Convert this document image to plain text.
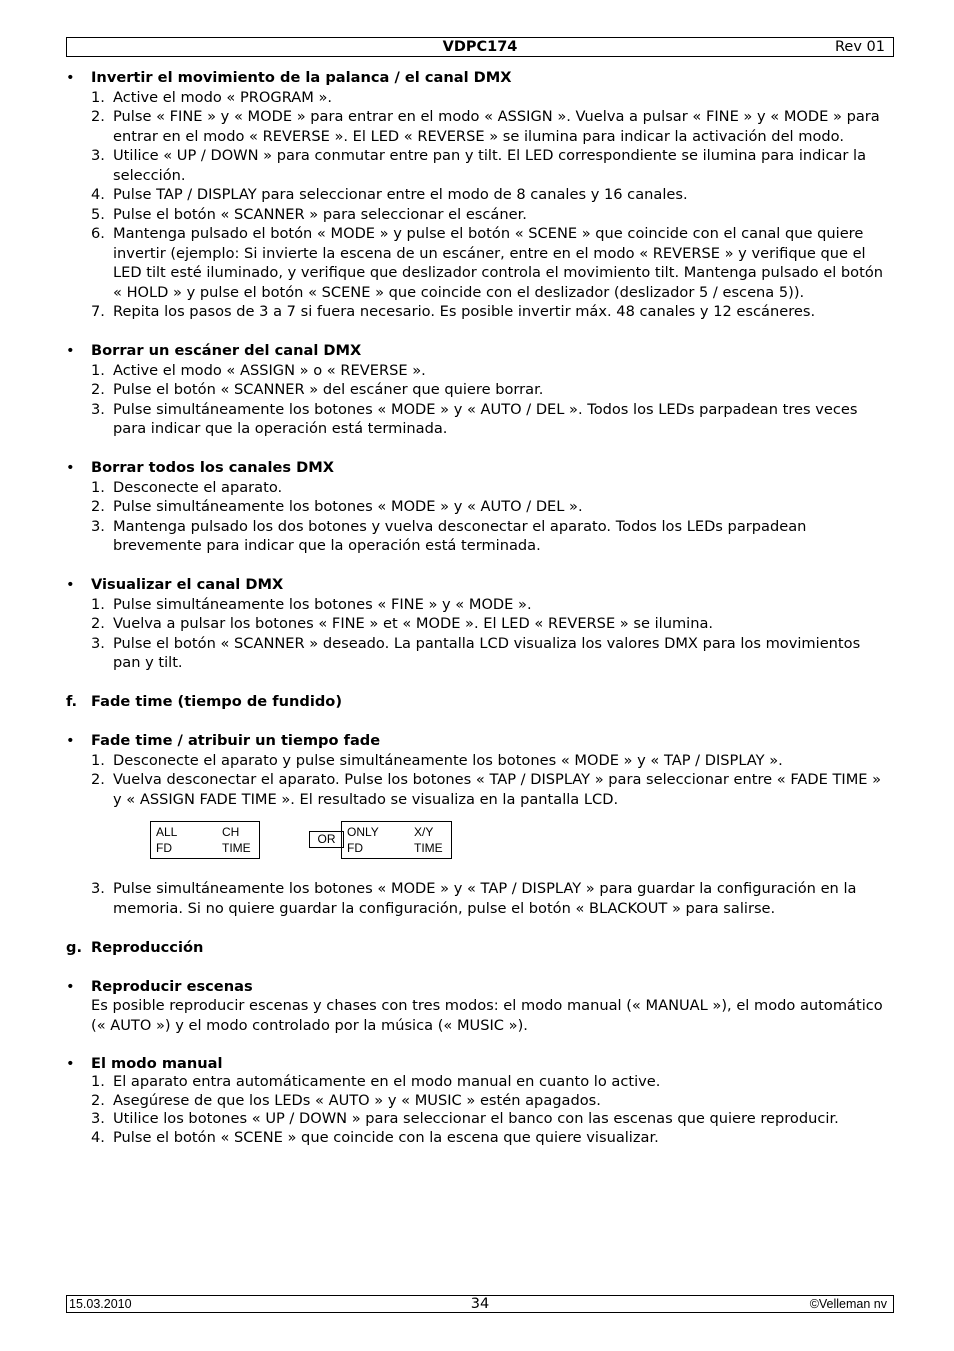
VDPC174	Rev 01
•	Invertir el movimiento de la palanca / el canal DMX
1. Active el modo « PROGRAM ».
2. Pulse « FINE » y « MODE » para entrar en el modo « ASSIGN ». Vuelva a pulsar « FINE » y « MODE » para entrar en el modo « REVERSE ». El LED « REVERSE » se ilumina para indicar la activación del modo.
3. Utilice « UP / DOWN » para conmutar entre pan y tilt. El LED correspondiente se ilumina para indicar la selección.
4. Pulse TAP / DISPLAY para seleccionar entre el modo de 8 canales y 16 canales.
5. Pulse el botón « SCANNER » para seleccionar el escáner.
6. Mantenga pulsado el botón « MODE » y pulse el botón « SCENE » que coincide con el canal que quiere invertir (ejemplo: Si invierte la escena de un escáner, entre en el modo « REVERSE » y verifique que el LED tilt esté iluminado, y verifique que deslizador controla el movimiento tilt. Mantenga pulsado el botón « HOLD » y pulse el botón « SCENE » que coincide con el deslizador (deslizador 5 / escena 5)).
7. Repita los pasos de 3 a 7 si fuera necesario. Es posible invertir máx. 48 canales y 12 escáneres.
•	Borrar un escáner del canal DMX
1. Active el modo « ASSIGN » o « REVERSE ».
2. Pulse el botón « SCANNER » del escáner que quiere borrar.
3. Pulse simultáneamente los botones « MODE » y « AUTO / DEL ». Todos los LEDs parpadean tres veces para indicar que la operación está terminada.
•	Borrar todos los canales DMX
1. Desconecte el aparato.
2. Pulse simultáneamente los botones « MODE » y « AUTO / DEL ».
3. Mantenga pulsado los dos botones y vuelva desconectar el aparato. Todos los LEDs parpadean brevemente para indicar que la operación está terminada.
•	Visualizar el canal DMX
1. Pulse simultáneamente los botones « FINE » y « MODE ».
2. Vuelva a pulsar los botones « FINE » et « MODE ». El LED « REVERSE » se ilumina.
3. Pulse el botón « SCANNER » deseado. La pantalla LCD visualiza los valores DMX para los movimientos pan y tilt.
f. Fade time (tiempo de fundido)
•	Fade time / atribuir un tiempo fade
1. Desconecte el aparato y pulse simultáneamente los botones « MODE » y « TAP / DISPLAY ».
2. Vuelva desconectar el aparato. Pulse los botones « TAP / DISPLAY » para seleccionar entre « FADE TIME » y « ASSIGN FADE TIME ». El resultado se visualiza en la pantalla LCD.
ALL	CH
FD	TIME
OR ONLY	X/Y
FD	TIME
3. Pulse simultáneamente los botones « MODE » y « TAP / DISPLAY » para guardar la configuración en la memoria. Si no quiere guardar la configuración, pulse el botón « BLACKOUT » para salirse.
g. Reproducción
•	Reproducir escenas
Es posible reproducir escenas y chases con tres modos: el modo manual (« MANUAL »), el modo automático (« AUTO ») y el modo controlado por la música (« MUSIC »).
•	El modo manual
1. El aparato entra automáticamente en el modo manual en cuanto lo active.
2. Asegúrese de que los LEDs « AUTO » y « MUSIC » estén apagados.
3. Utilice los botones « UP / DOWN » para seleccionar el banco con las escenas que quiere reproducir.
4. Pulse el botón « SCENE » que coincide con la escena que quiere visualizar.
15.03.2010	34	©Velleman nv
